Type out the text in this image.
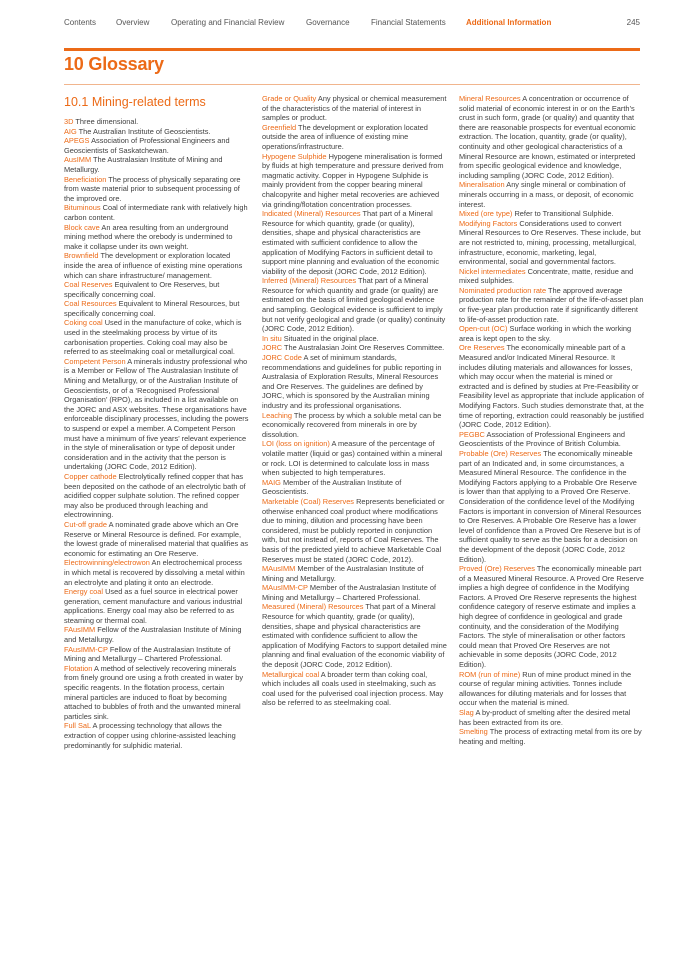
Contents Overview	Operating and Financial Review	Governance	Financial Statements	Additional Information	245
10 Glossary
10.1 Mining-related terms
3D Three dimensional.
AIG The Australian Institute of Geoscientists.
APEGS Association of Professional Engineers and Geoscientists of Saskatchewan.
AusIMM The Australasian Institute of Mining and Metallurgy.
Beneficiation The process of physically separating ore from waste material prior to subsequent processing of the improved ore.
Bituminous Coal of intermediate rank with relatively high carbon content.
Block cave An area resulting from an underground mining method where the orebody is undermined to make it collapse under its own weight.
Brownfield The development or exploration located inside the area of influence of existing mine operations which can share infrastructure/ management.
Coal Reserves Equivalent to Ore Reserves, but specifically concerning coal.
Coal Resources Equivalent to Mineral Resources, but specifically concerning coal.
Coking coal Used in the manufacture of coke, which is used in the steelmaking process by virtue of its carbonisation properties. Coking coal may also be referred to as steelmaking coal or metallurgical coal.
Competent Person A minerals industry professional who is a Member or Fellow of The Australasian Institute of Mining and Metallurgy, or of the Australian Institute of Geoscientists, or of a ‘Recognised Professional Organisation’ (RPO), as included in a list available on the JORC and ASX websites. These organisations have enforceable disciplinary processes, including the powers to suspend or expel a member. A Competent Person must have a minimum of five years’ relevant experience in the style of mineralisation or type of deposit under consideration and in the activity that the person is undertaking (JORC Code, 2012 Edition).
Copper cathode Electrolytically refined copper that has been deposited on the cathode of an electrolytic bath of acidified copper sulphate solution. The refined copper may also be produced through leaching and electrowinning.
Cut-off grade A nominated grade above which an Ore Reserve or Mineral Resource is defined. For example, the lowest grade of mineralised material that qualifies as economic for estimating an Ore Reserve.
Electrowinning/electrowon An electrochemical process in which metal is recovered by dissolving a metal within an electrolyte and plating it onto an electrode.
Energy coal Used as a fuel source in electrical power generation, cement manufacture and various industrial applications. Energy coal may also be referred to as steaming or thermal coal.
FAusIMM Fellow of the Australasian Institute of Mining and Metallurgy.
FAusIMM-CP Fellow of the Australasian Institute of Mining and Metallurgy – Chartered Professional.
Flotation A method of selectively recovering minerals from finely ground ore using a froth created in water by specific reagents. In the flotation process, certain mineral particles are induced to float by becoming attached to bubbles of froth and the unwanted mineral particles sink.
Full SaL A processing technology that allows the extraction of copper using chlorine-assisted leaching predominantly for sulphidic material.
Grade or Quality Any physical or chemical measurement of the characteristics of the material of interest in samples or product.
Greenfield The development or exploration located outside the area of influence of existing mine operations/infrastructure.
Hypogene Sulphide Hypogene mineralisation is formed by fluids at high temperature and pressure derived from magmatic activity. Copper in Hypogene Sulphide is mainly provident from the copper bearing mineral chalcopyrite and higher metal recoveries are achieved via grinding/flotation concentration processes.
Indicated (Mineral) Resources That part of a Mineral Resource for which quantity, grade (or quality), densities, shape and physical characteristics are estimated with sufficient confidence to allow the application of Modifying Factors in sufficient detail to support mine planning and evaluation of the economic viability of the deposit (JORC Code, 2012 Edition).
Inferred (Mineral) Resources That part of a Mineral Resource for which quantity and grade (or quality) are estimated on the basis of limited geological evidence and sampling. Geological evidence is sufficient to imply but not verify geological and grade (or quality) continuity (JORC Code, 2012 Edition).
In situ Situated in the original place.
JORC The Australasian Joint Ore Reserves Committee.
JORC Code A set of minimum standards, recommendations and guidelines for public reporting in Australasia of Exploration Results, Mineral Resources and Ore Reserves. The guidelines are defined by JORC, which is sponsored by the Australian mining industry and its professional organisations.
Leaching The process by which a soluble metal can be economically recovered from minerals in ore by dissolution.
LOI (loss on ignition) A measure of the percentage of volatile matter (liquid or gas) contained within a mineral or rock. LOI is determined to calculate loss in mass when subjected to high temperatures.
MAIG Member of the Australian Institute of Geoscientists.
Marketable (Coal) Reserves Represents beneficiated or otherwise enhanced coal product where modifications due to mining, dilution and processing have been considered, must be publicly reported in conjunction with, but not instead of, reports of Coal Reserves. The basis of the predicted yield to achieve Marketable Coal Reserves must be stated (JORC Code, 2012).
MAusIMM Member of the Australasian Institute of Mining and Metallurgy.
MAusIMM-CP Member of the Australasian Institute of Mining and Metallurgy – Chartered Professional.
Measured (Mineral) Resources That part of a Mineral Resource for which quantity, grade (or quality), densities, shape and physical characteristics are estimated with confidence sufficient to allow the application of Modifying Factors to support detailed mine planning and final evaluation of the economic viability of the deposit (JORC Code, 2012 Edition).
Metallurgical coal A broader term than coking coal, which includes all coals used in steelmaking, such as coal used for the pulverised coal injection process. May also be referred to as steelmaking coal.
Mineral Resources A concentration or occurrence of solid material of economic interest in or on the Earth’s crust in such form, grade (or quality) and quantity that there are reasonable prospects for eventual economic extraction. The location, quantity, grade (or quality), continuity and other geological characteristics of a Mineral Resource are known, estimated or interpreted from specific geological evidence and knowledge, including sampling (JORC Code, 2012 Edition).
Mineralisation Any single mineral or combination of minerals occurring in a mass, or deposit, of economic interest.
Mixed (ore type) Refer to Transitional Sulphide.
Modifying Factors Considerations used to convert Mineral Resources to Ore Reserves. These include, but are not restricted to, mining, processing, metallurgical, infrastructure, economic, marketing, legal, environmental, social and governmental factors.
Nickel intermediates Concentrate, matte, residue and mixed sulphides.
Nominated production rate The approved average production rate for the remainder of the life-of-asset plan or five-year plan production rate if significantly different to life-of-asset production rate.
Open-cut (OC) Surface working in which the working area is kept open to the sky.
Ore Reserves The economically mineable part of a Measured and/or Indicated Mineral Resource. It includes diluting materials and allowances for losses, which may occur when the material is mined or extracted and is defined by studies at Pre-Feasibility or Feasibility level as appropriate that include application of Modifying Factors. Such studies demonstrate that, at the time of reporting, extraction could reasonably be justified (JORC Code, 2012 Edition).
PEGBC Association of Professional Engineers and Geoscientists of the Province of British Columbia.
Probable (Ore) Reserves The economically mineable part of an Indicated and, in some circumstances, a Measured Mineral Resource. The confidence in the Modifying Factors applying to a Probable Ore Reserve is lower than that applying to a Proved Ore Reserve. Consideration of the confidence level of the Modifying Factors is important in conversion of Mineral Resources to Ore Reserves. A Probable Ore Reserve has a lower level of confidence than a Proved Ore Reserve but is of sufficient quality to serve as the basis for a decision on the development of the deposit (JORC Code, 2012 Edition).
Proved (Ore) Reserves The economically mineable part of a Measured Mineral Resource. A Proved Ore Reserve implies a high degree of confidence in the Modifying Factors. A Proved Ore Reserve represents the highest confidence category of reserve estimate and implies a high degree of confidence in geological and grade continuity, and the consideration of the Modifying Factors. The style of mineralisation or other factors could mean that Proved Ore Reserves are not achievable in some deposits (JORC Code, 2012 Edition).
ROM (run of mine) Run of mine product mined in the course of regular mining activities. Tonnes include allowances for diluting materials and for losses that occur when the material is mined.
Slag A by-product of smelting after the desired metal has been extracted from its ore.
Smelting The process of extracting metal from its ore by heating and melting.
